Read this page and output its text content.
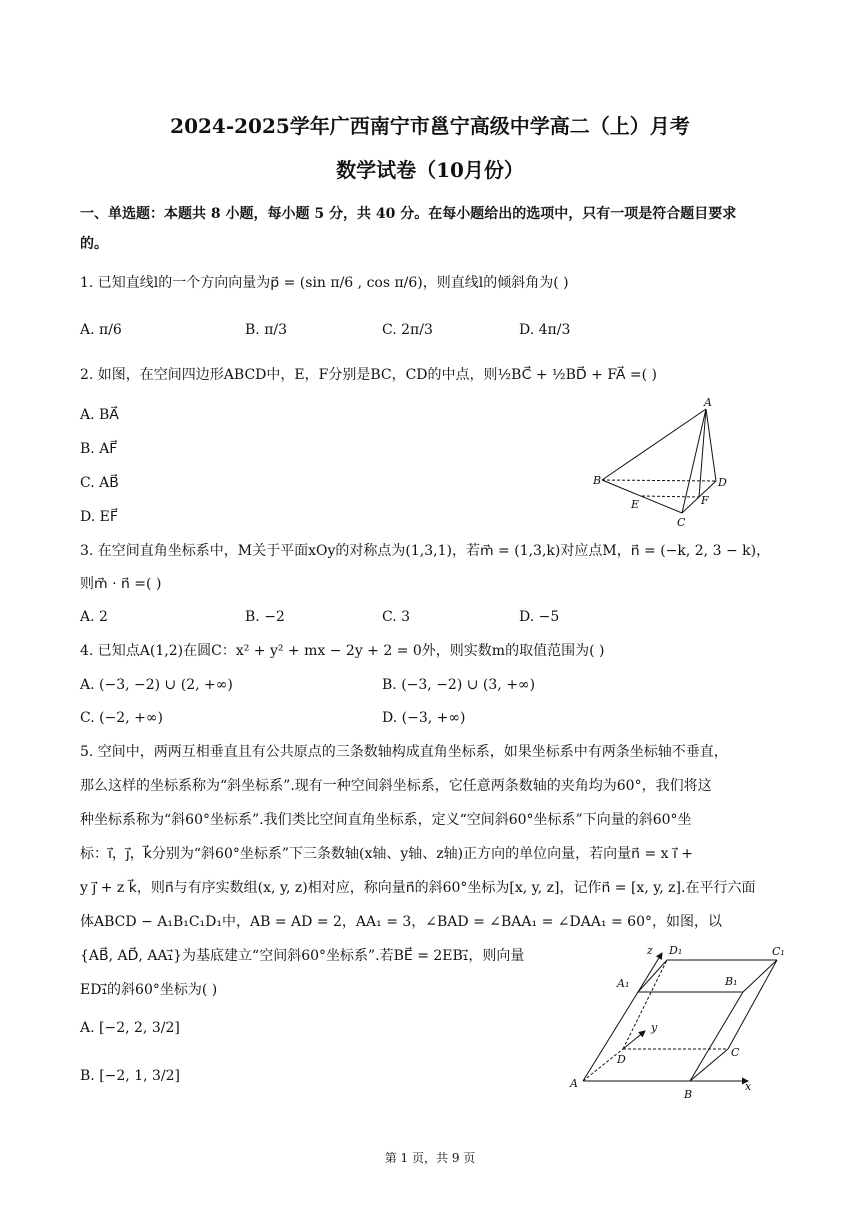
2024-2025学年广西南宁市邕宁高级中学高二（上）月考
数学试卷（10月份）
一、单选题：本题共 8 小题，每小题 5 分，共 40 分。在每小题给出的选项中，只有一项是符合题目要求
的。
1. 已知直线l的一个方向向量为p⃗ = (sin π/6 , cos π/6)，则直线l的倾斜角为( )
A. π/6	B. π/3	C. 2π/3	D. 4π/3
2. 如图，在空间四边形ABCD中，E，F分别是BC，CD的中点，则½BC⃗ + ½BD⃗ + FA⃗ =( )
A. BA⃗
B. AF⃗
C. AB⃗
D. EF⃗
A
B
C
D
E	F
3. 在空间直角坐标系中，M关于平面xOy的对称点为(1,3,1)，若m⃗ = (1,3,k)对应点M，n⃗ = (−k, 2, 3 − k)，
则m⃗ · n⃗ =( )
A. 2	B. −2	C. 3	D. −5
4. 已知点A(1,2)在圆C：x² + y² + mx − 2y + 2 = 0外，则实数m的取值范围为( )
A. (−3, −2) ∪ (2, +∞)	B. (−3, −2) ∪ (3, +∞)
C. (−2, +∞)	D. (−3, +∞)
5. 空间中，两两互相垂直且有公共原点的三条数轴构成直角坐标系，如果坐标系中有两条坐标轴不垂直，
那么这样的坐标系称为“斜坐标系”.现有一种空间斜坐标系，它任意两条数轴的夹角均为60°，我们将这
种坐标系称为“斜60°坐标系”.我们类比空间直角坐标系，定义“空间斜60°坐标系”下向量的斜60°坐
标：i⃗，j⃗，k⃗分别为“斜60°坐标系”下三条数轴(x轴、y轴、z轴)正方向的单位向量，若向量n⃗ = x i⃗ +
y j⃗ + z k⃗，则n⃗与有序实数组(x, y, z)相对应，称向量n⃗的斜60°坐标为[x, y, z]，记作n⃗ = [x, y, z].在平行六面
体ABCD − A₁B₁C₁D₁中，AB = AD = 2，AA₁ = 3，∠BAD = ∠BAA₁ = ∠DAA₁ = 60°，如图，以
{AB⃗, AD⃗, AA₁⃗}为基底建立“空间斜60°坐标系”.若BE⃗ = 2EB₁⃗，则向量
ED₁⃗的斜60°坐标为( )
A. [−2, 2, 3/2]
B. [−2, 1, 3/2]
z D₁	C₁
A₁	B₁
y
D
C
A
B
x
第 1 页，共 9 页
